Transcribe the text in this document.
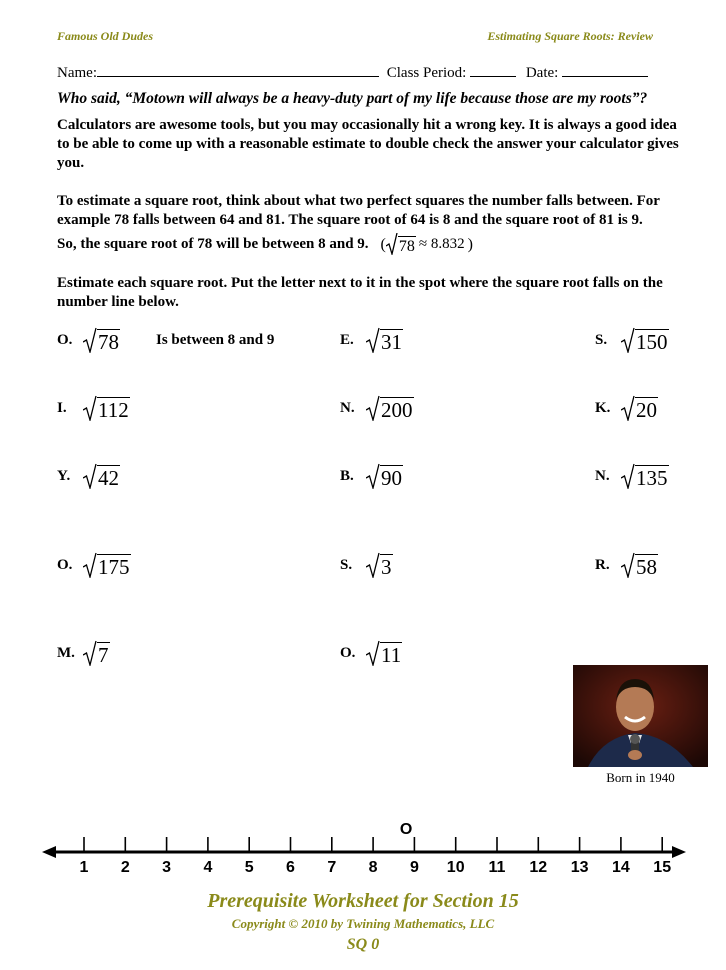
Famous Old Dudes	Estimating Square Roots: Review
Name:	Class Period:	Date:
Who said, “Motown will always be a heavy-duty part of my life because those are my roots”?
Calculators are awesome tools, but you may occasionally hit a wrong key. It is always a good idea to be able to come up with a reasonable estimate to double check the answer your calculator gives you.
To estimate a square root, think about what two perfect squares the number falls between. For example 78 falls between 64 and 81. The square root of 64 is 8 and the square root of 81 is 9.
So, the square root of 78 will be between 8 and 9. ( 78 ≈ 8.832 )
Estimate each square root. Put the letter next to it in the spot where the square root falls on the number line below.
O.	78 Is between 8 and 9	E.	31	S.	150
I.	112	N.	200	K.	20
Y.	42	B.	90	N.	135
O.	175	S.	3	R.	58
M.	7	O.	11
Born in 1940
1 2 3 4 5 6 7 8 9 10 11 12 13 14 15
O
Prerequisite Worksheet for Section 15
Copyright © 2010 by Twining Mathematics, LLC
SQ 0
